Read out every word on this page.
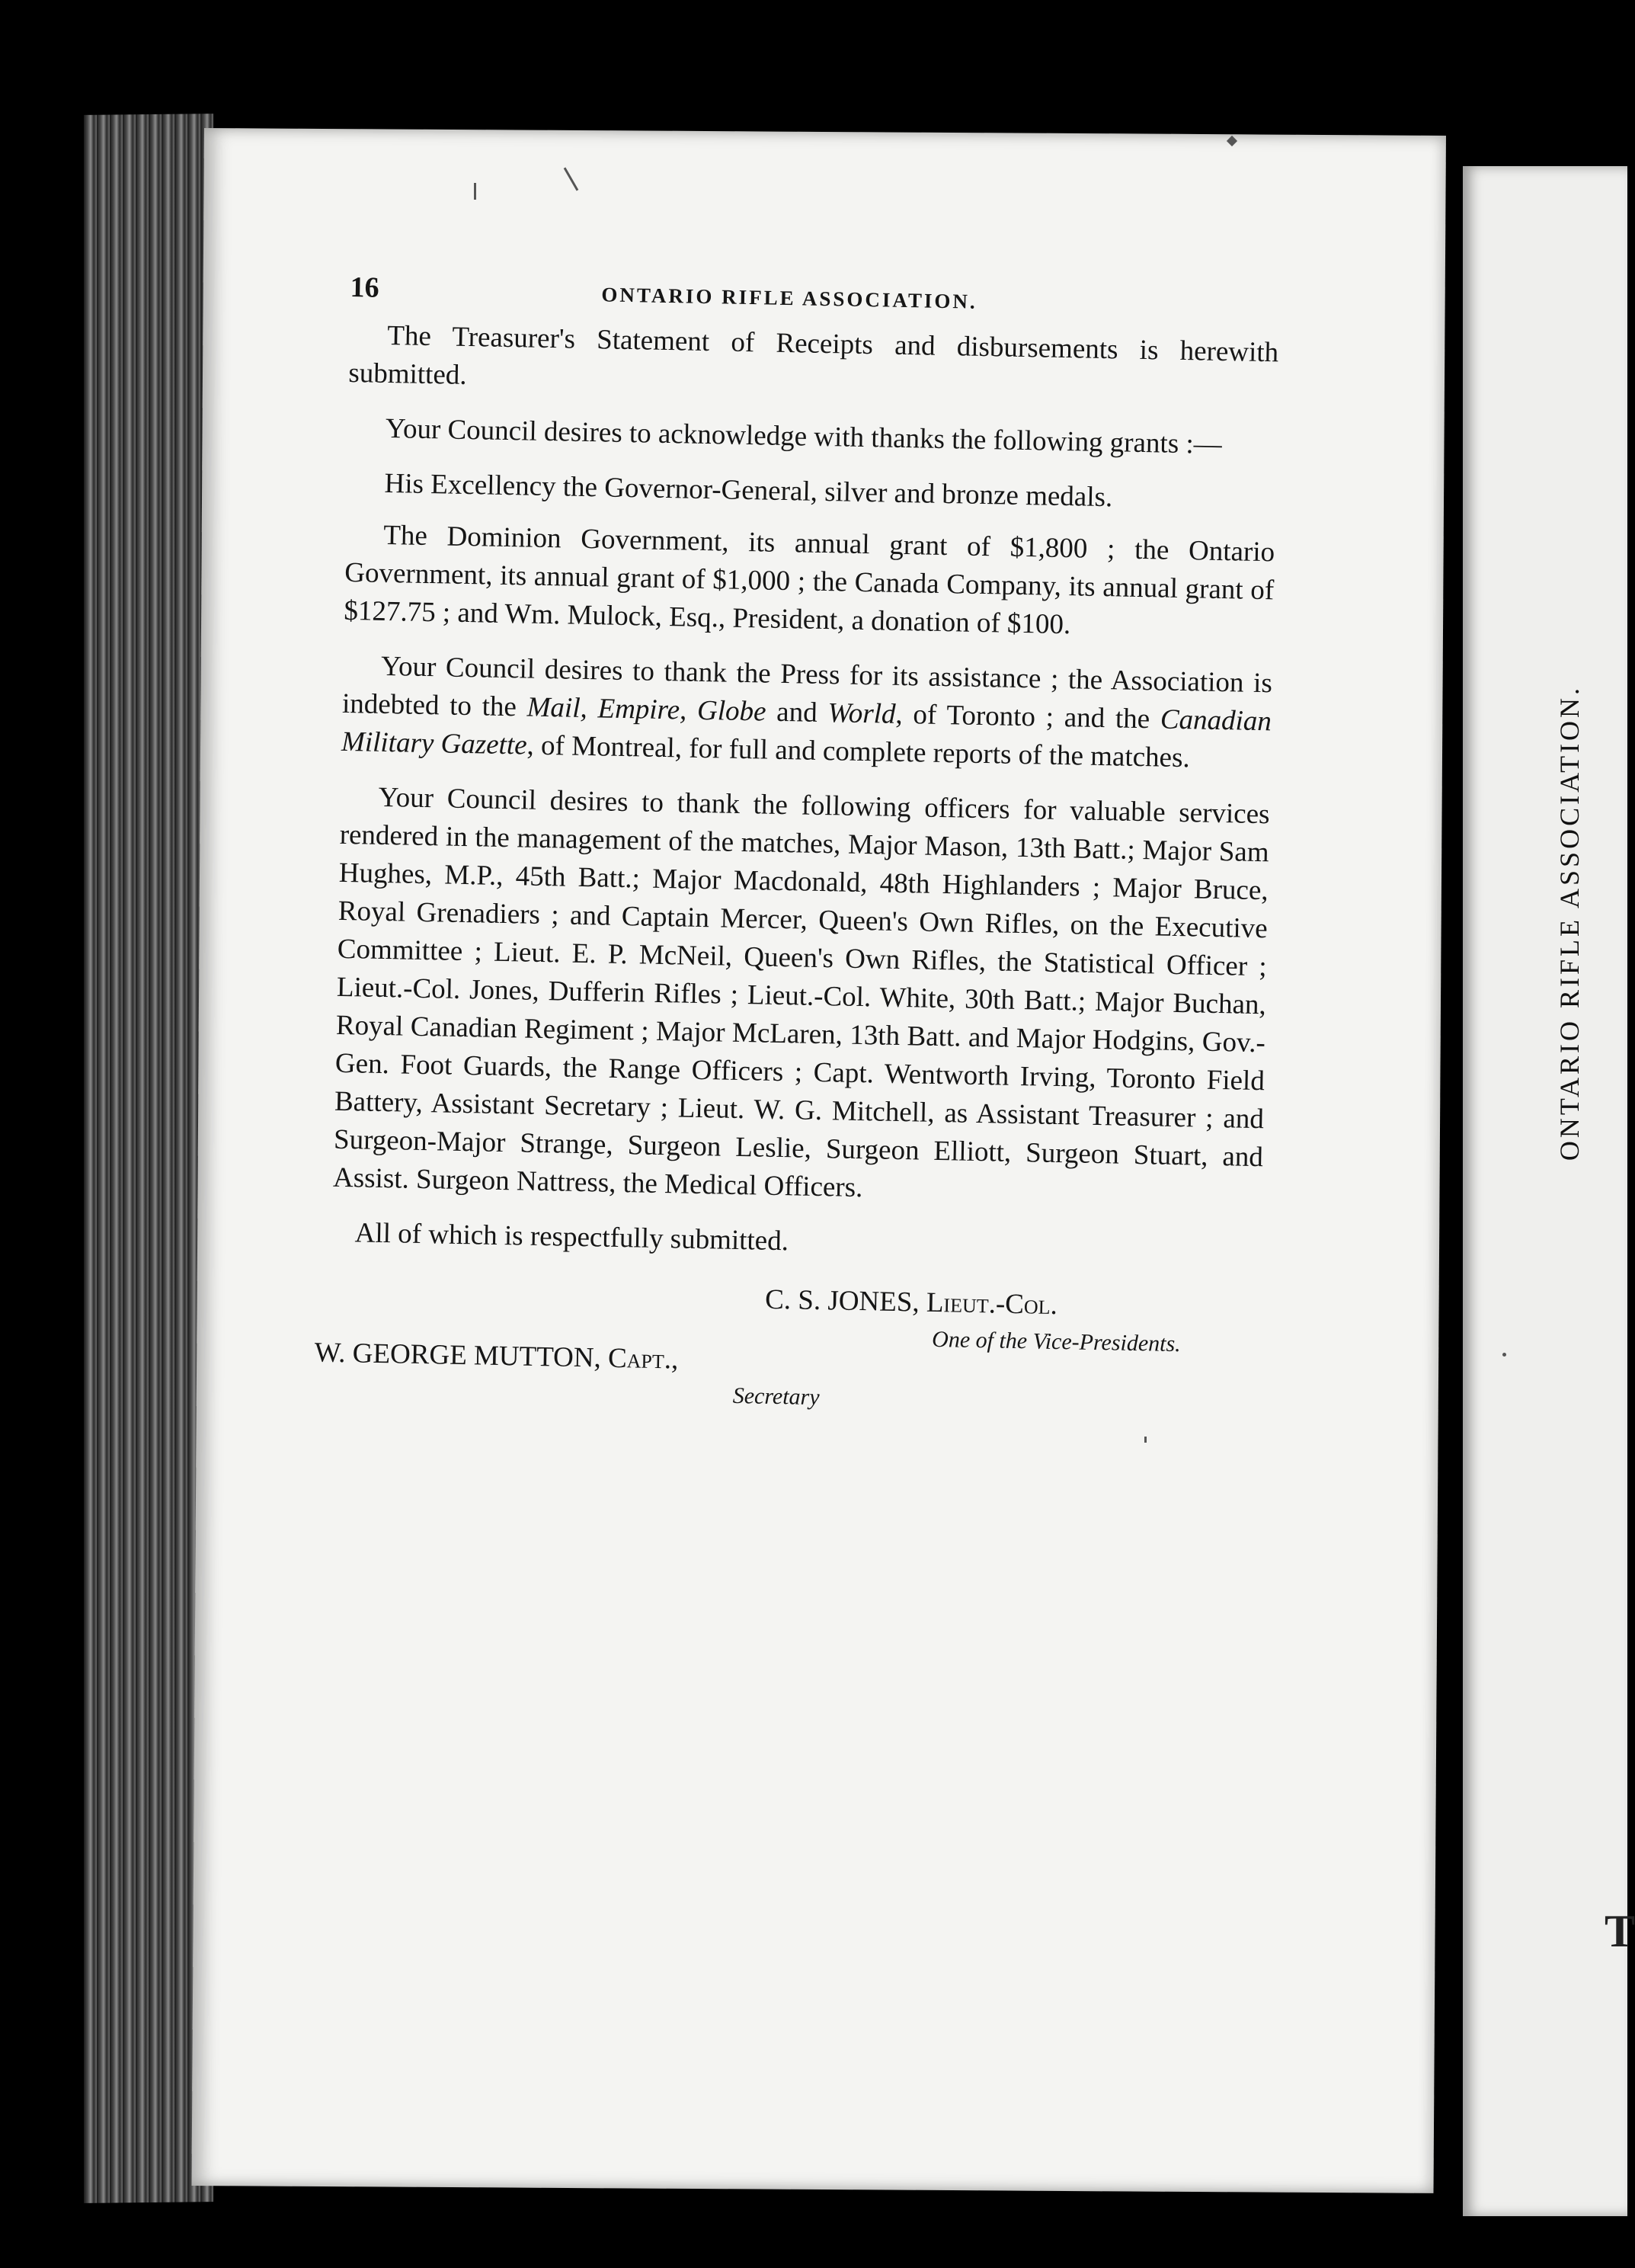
ONTARIO RIFLE ASSOCIATION.
T
16	ONTARIO RIFLE ASSOCIATION.

The Treasurer's Statement of Receipts and disbursements is herewith submitted.

Your Council desires to acknowledge with thanks the following grants :—

His Excellency the Governor-General, silver and bronze medals.

The Dominion Government, its annual grant of $1,800 ; the Ontario Government, its annual grant of $1,000 ; the Canada Company, its annual grant of $127.75 ; and Wm. Mulock, Esq., President, a donation of $100.

Your Council desires to thank the Press for its assistance ; the Association is indebted to the Mail, Empire, Globe and World, of Toronto ; and the Canadian Military Gazette, of Montreal, for full and complete reports of the matches.

Your Council desires to thank the following officers for valuable services rendered in the management of the matches, Major Mason, 13th Batt.; Major Sam Hughes, M.P., 45th Batt.; Major Macdonald, 48th Highlanders ; Major Bruce, Royal Grenadiers ; and Captain Mercer, Queen's Own Rifles, on the Executive Committee ; Lieut. E. P. McNeil, Queen's Own Rifles, the Statistical Officer ; Lieut.-Col. Jones, Dufferin Rifles ; Lieut.-Col. White, 30th Batt.; Major Buchan, Royal Canadian Regiment ; Major McLaren, 13th Batt. and Major Hodgins, Gov.-Gen. Foot Guards, the Range Officers ; Capt. Wentworth Irving, Toronto Field Battery, Assistant Secretary ; Lieut. W. G. Mitchell, as Assistant Treasurer ; and Surgeon-Major Strange, Surgeon Leslie, Surgeon Elliott, Surgeon Stuart, and Assist. Surgeon Nattress, the Medical Officers.

All of which is respectfully submitted.

C. S. JONES, Lieut.-Col.
One of the Vice-Presidents.
W. GEORGE MUTTON, Capt.,
Secretary
